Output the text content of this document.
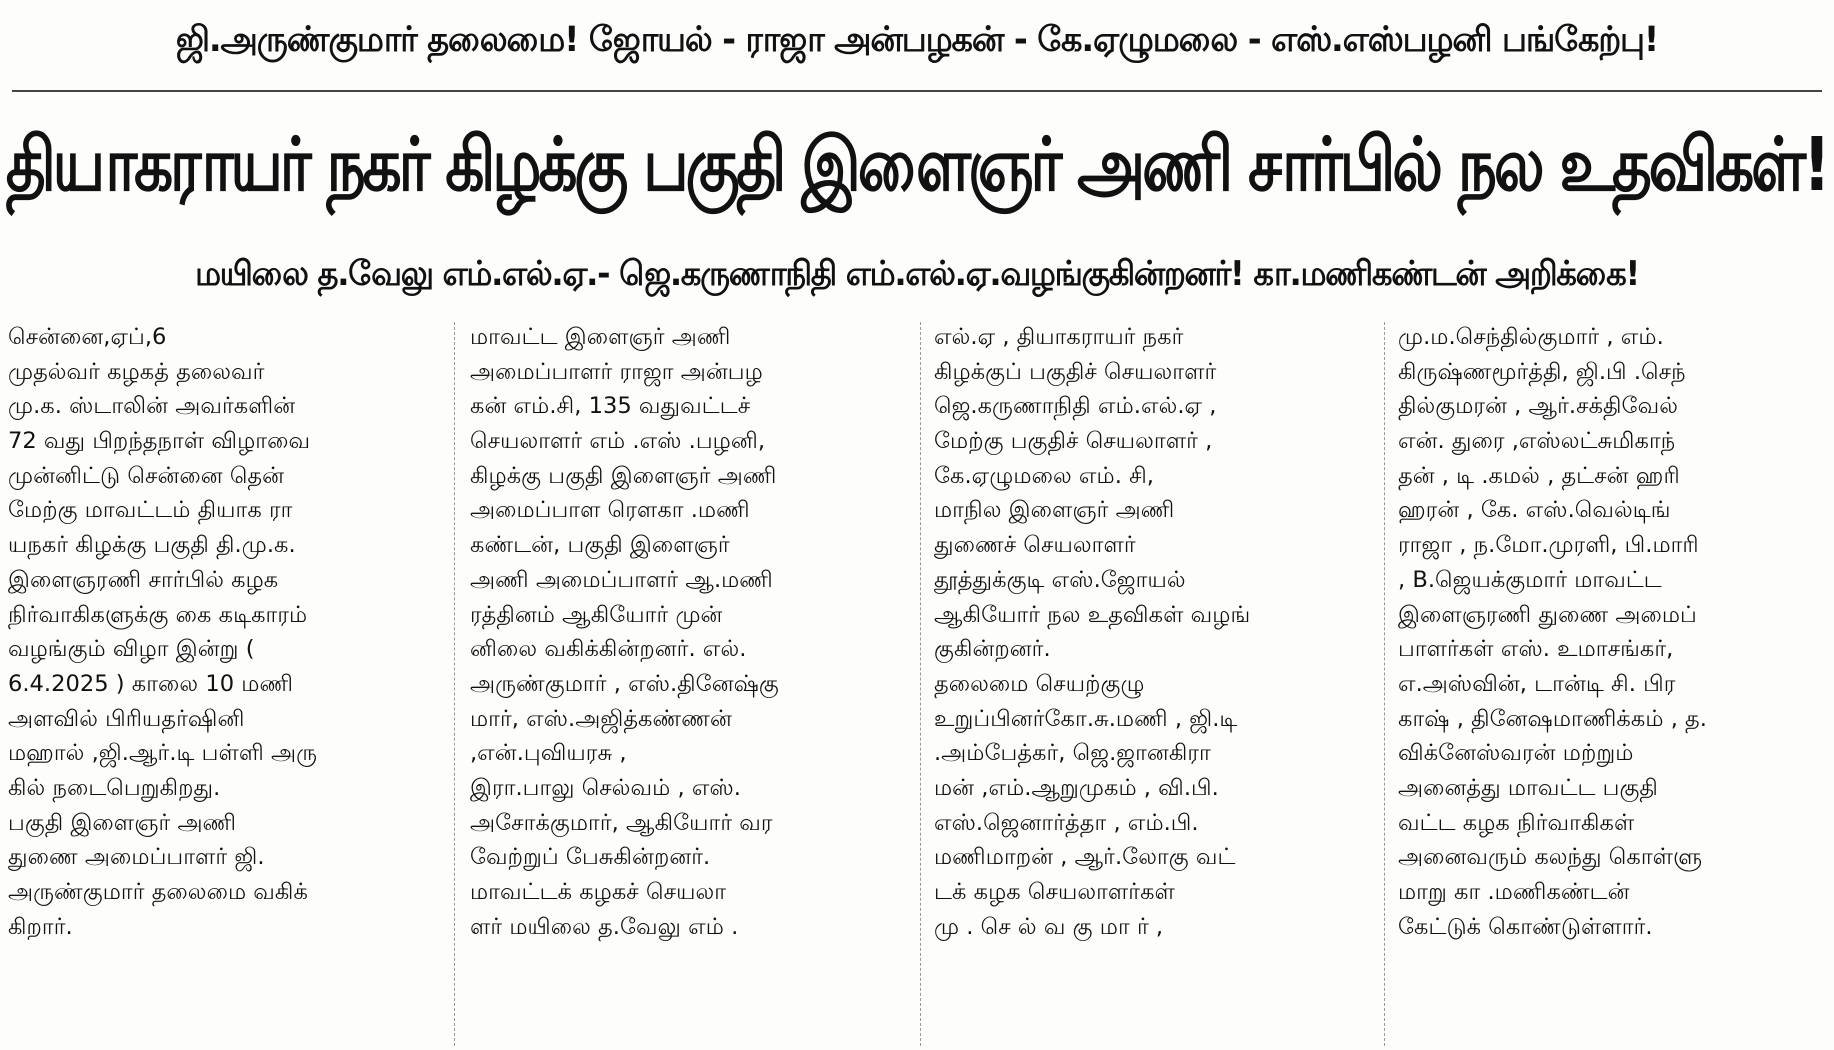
ஜி.அருண்குமார் தலைமை! ஜோயல் - ராஜா அன்பழகன் - கே.ஏழுமலை - எஸ்.எஸ்பழனி பங்கேற்பு!
தியாகராயர் நகர் கிழக்கு பகுதி இளைஞர் அணி சார்பில் நல உதவிகள்!
மயிலை த.வேலு எம்.எல்.ஏ.- ஜெ.கருணாநிதி எம்.எல்.ஏ.வழங்குகின்றனர்! கா.மணிகண்டன் அறிக்கை!
சென்னை,ஏப்,6
முதல்வர் கழகத் தலைவர்
மு.க. ஸ்டாலின் அவர்களின்
72 வது பிறந்தநாள் விழாவை
முன்னிட்டு சென்னை தென்
மேற்கு மாவட்டம் தியாக ரா
யநகர் கிழக்கு பகுதி தி.மு.க.
இளைஞரணி சார்பில் கழக
நிர்வாகிகளுக்கு கை கடிகாரம்
வழங்கும் விழா இன்று (
6.4.2025 ) காலை 10 மணி
அளவில் பிரியதர்ஷினி
மஹால் ,ஜி.ஆர்.டி பள்ளி அரு
கில் நடைபெறுகிறது.
பகுதி இளைஞர் அணி
துணை அமைப்பாளர் ஜி.
அருண்குமார் தலைமை வகிக்
கிறார்.
மாவட்ட இளைஞர் அணி
அமைப்பாளர் ராஜா அன்பழ
கன் எம்.சி, 135 வதுவட்டச்
செயலாளர் எம் .எஸ் .பழனி,
கிழக்கு பகுதி இளைஞர் அணி
அமைப்பாள ரெளகா .மணி
கண்டன், பகுதி இளைஞர்
அணி அமைப்பாளர் ஆ.மணி
ரத்தினம் ஆகியோர் முன்
னிலை வகிக்கின்றனர். எல்.
அருண்குமார் , எஸ்.தினேஷ்கு
மார், எஸ்.அஜித்கண்ணன்
,என்.புவியரசு ,
இரா.பாலு செல்வம் , எஸ்.
அசோக்குமார், ஆகியோர் வர
வேற்றுப் பேசுகின்றனர்.
மாவட்டக் கழகச் செயலா
ளர் மயிலை த.வேலு எம் .
எல்.ஏ , தியாகராயர் நகர்
கிழக்குப் பகுதிச் செயலாளர்
ஜெ.கருணாநிதி எம்.எல்.ஏ ,
மேற்கு பகுதிச் செயலாளர் ,
கே.ஏழுமலை எம். சி,
மாநில இளைஞர் அணி
துணைச் செயலாளர்
தூத்துக்குடி எஸ்.ஜோயல்
ஆகியோர் நல உதவிகள் வழங்
குகின்றனர்.
தலைமை செயற்குழு
உறுப்பினர்கோ.சு.மணி , ஜி.டி
.அம்பேத்கர், ஜெ.ஜானகிரா
மன் ,எம்.ஆறுமுகம் , வி.பி.
எஸ்.ஜெனார்த்தா , எம்.பி.
மணிமாறன் , ஆர்.லோகு வட்
டக் கழக செயலாளர்கள்
மு . செ ல் வ கு மா ர் ,
மு.ம.செந்தில்குமார் , எம்.
கிருஷ்ணமூர்த்தி, ஜி.பி .செந்
தில்குமரன் , ஆர்.சக்திவேல்
என். துரை ,எஸ்லட்சுமிகாந்
தன் , டி .கமல் , தட்சன் ஹரி
ஹரன் , கே. எஸ்.வெல்டிங்
ராஜா , ந.மோ.முரளி, பி.மாரி
, B.ஜெயக்குமார் மாவட்ட
இளைஞரணி துணை அமைப்
பாளர்கள் எஸ். உமாசங்கர்,
எ.அஸ்வின், டான்டி சி. பிர
காஷ் , தினேஷமாணிக்கம் , த.
விக்னேஸ்வரன் மற்றும்
அனைத்து மாவட்ட பகுதி
வட்ட கழக நிர்வாகிகள்
அனைவரும் கலந்து கொள்ளு
மாறு கா .மணிகண்டன்
கேட்டுக் கொண்டுள்ளார்.
